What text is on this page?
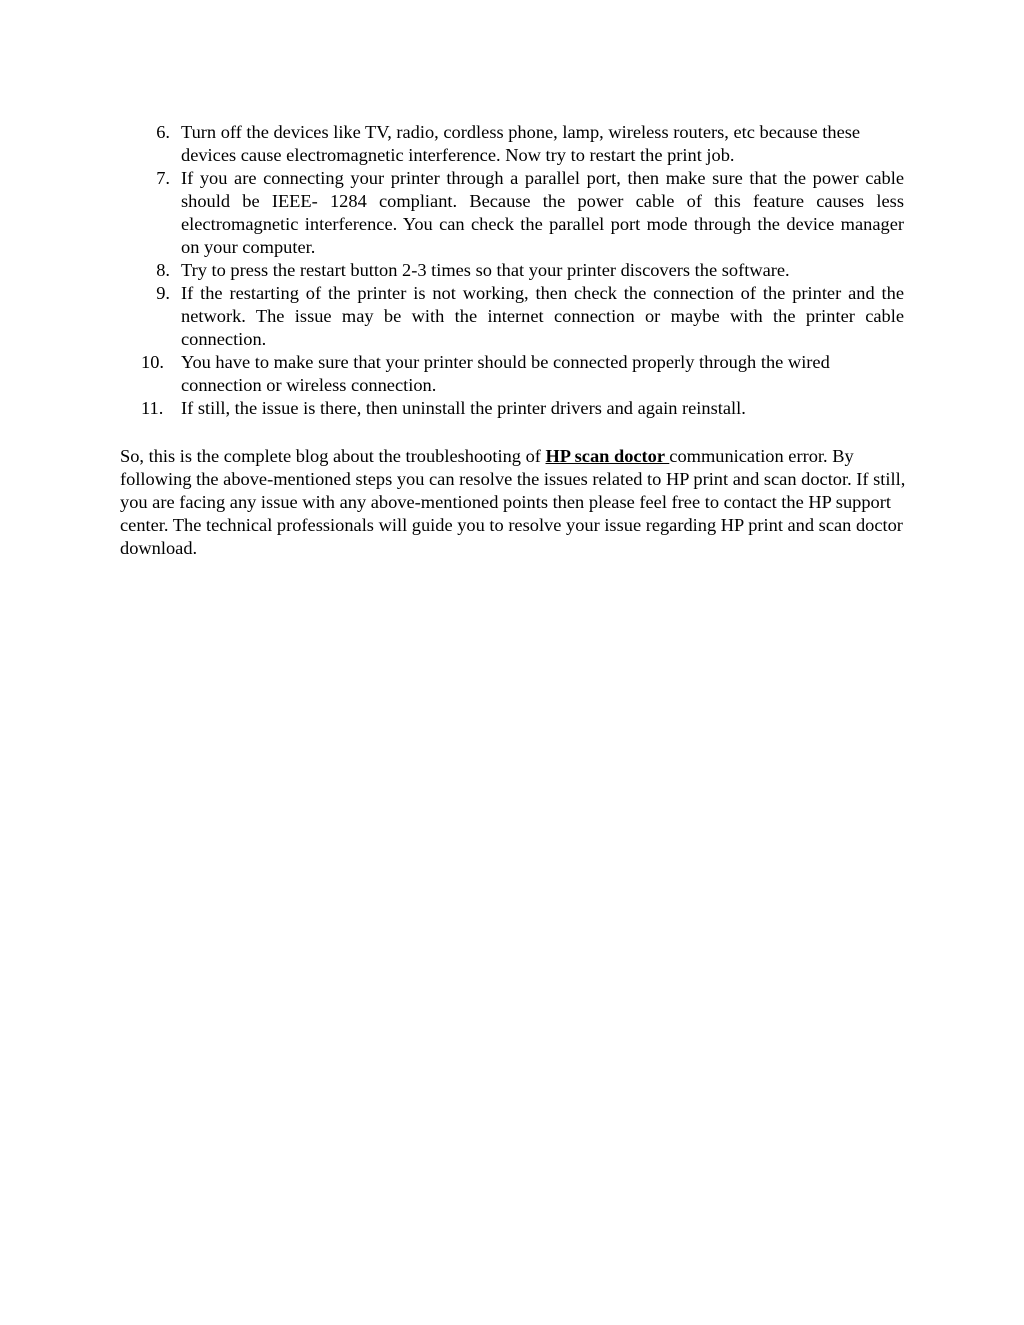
6. Turn off the devices like TV, radio, cordless phone, lamp, wireless routers, etc because these devices cause electromagnetic interference. Now try to restart the print job.
7. If you are connecting your printer through a parallel port, then make sure that the power cable should be IEEE- 1284 compliant. Because the power cable of this feature causes less electromagnetic interference. You can check the parallel port mode through the device manager on your computer.
8. Try to press the restart button 2-3 times so that your printer discovers the software.
9. If the restarting of the printer is not working, then check the connection of the printer and the network. The issue may be with the internet connection or maybe with the printer cable connection.
10. You have to make sure that your printer should be connected properly through the wired connection or wireless connection.
11. If still, the issue is there, then uninstall the printer drivers and again reinstall.

So, this is the complete blog about the troubleshooting of HP scan doctor communication error. By following the above-mentioned steps you can resolve the issues related to HP print and scan doctor. If still, you are facing any issue with any above-mentioned points then please feel free to contact the HP support center. The technical professionals will guide you to resolve your issue regarding HP print and scan doctor download.
